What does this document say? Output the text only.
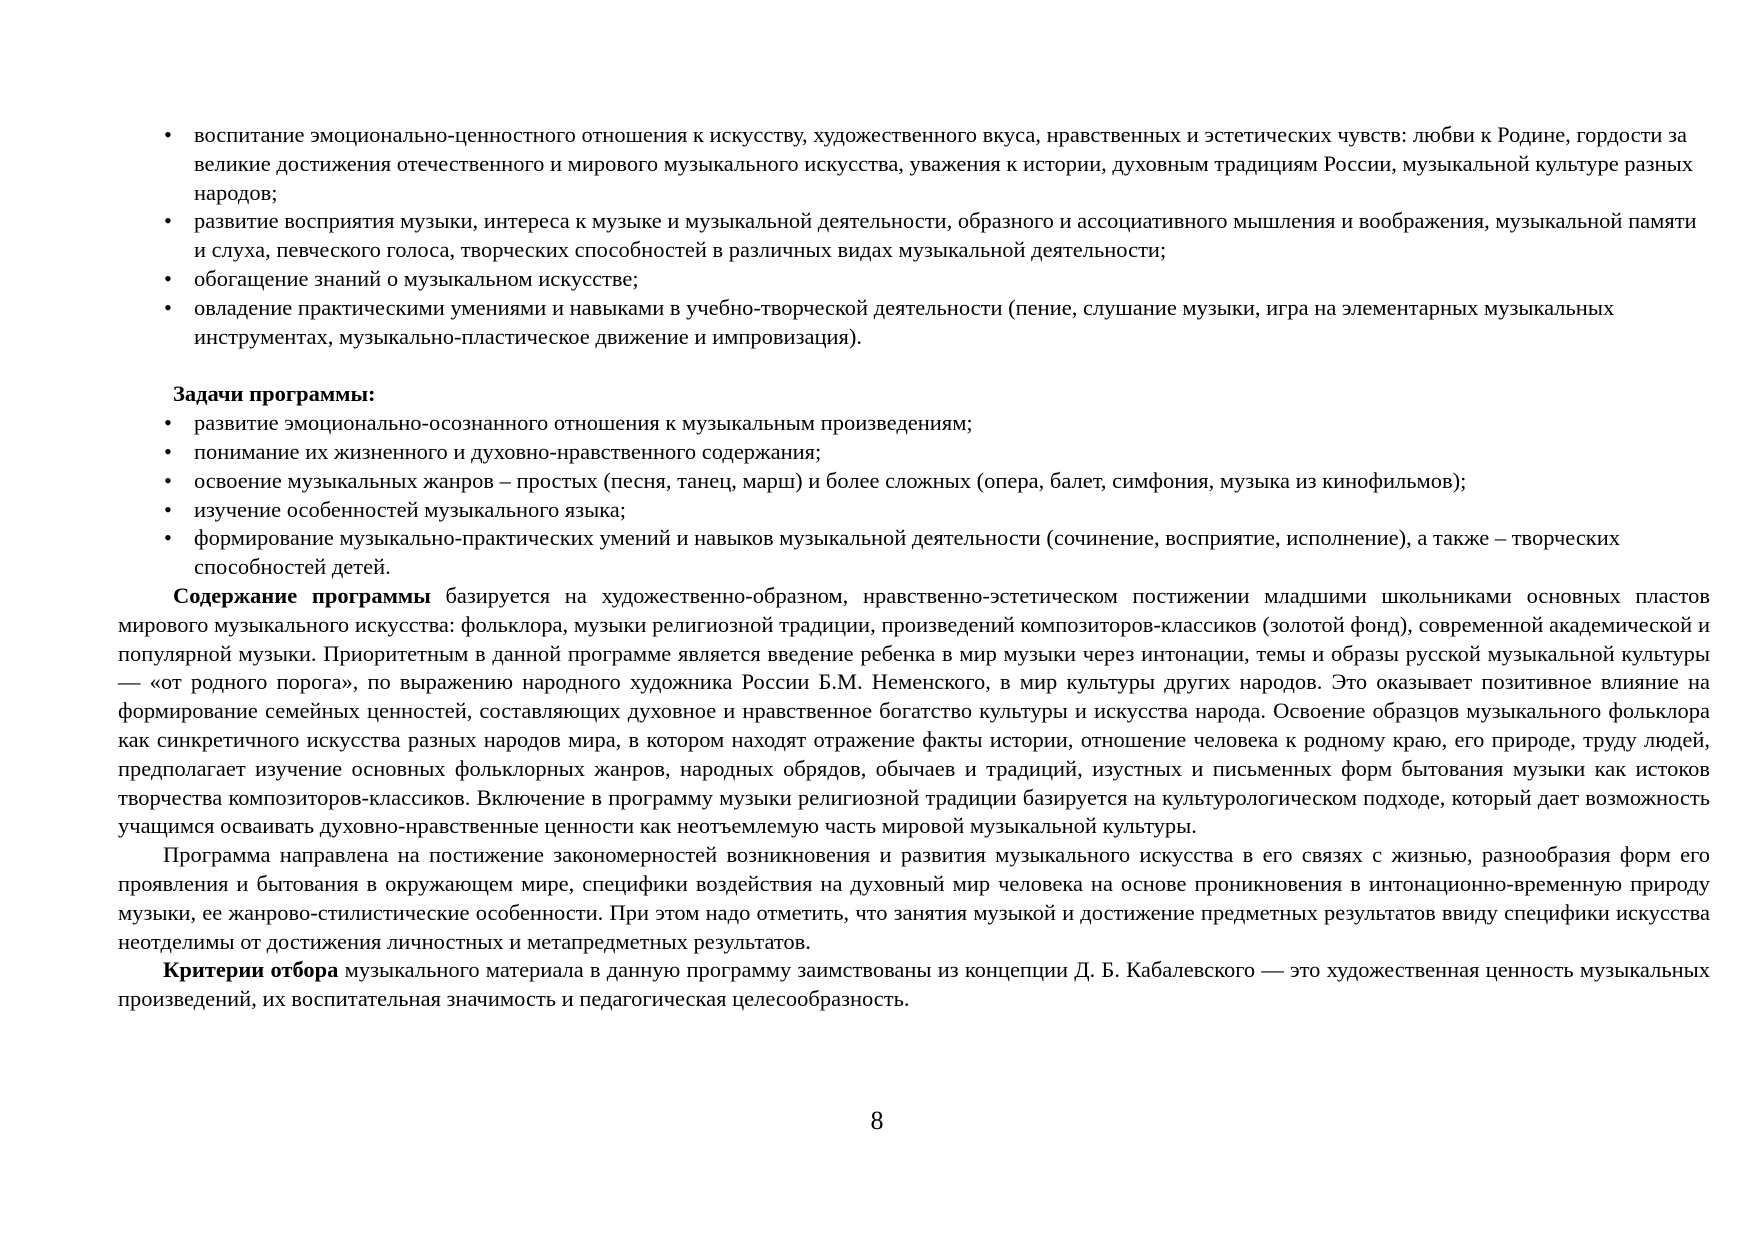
• воспитание эмоционально-ценностного отношения к искусству, художественного вкуса, нравственных и эстетических чувств: любви к Родине, гордости за великие достижения отечественного и мирового музыкального искусства, уважения к истории, духовным традициям России, музыкальной культуре разных народов;
• развитие восприятия музыки, интереса к музыке и музыкальной деятельности, образного и ассоциативного мышления и воображения, музыкальной памяти и слуха, певческого голоса, творческих способностей в различных видах музыкальной деятельности;
• обогащение знаний о музыкальном искусстве;
• овладение практическими умениями и навыками в учебно-творческой деятельности (пение, слушание музыки, игра на элементарных музыкальных инструментах, музыкально-пластическое движение и импровизация).
Задачи программы:
• развитие эмоционально-осознанного отношения к музыкальным произведениям;
• понимание их жизненного и духовно-нравственного содержания;
• освоение музыкальных жанров – простых (песня, танец, марш) и более сложных (опера, балет, симфония, музыка из кинофильмов);
• изучение особенностей музыкального языка;
• формирование музыкально-практических умений и навыков музыкальной деятельности (сочинение, восприятие, исполнение), а также – творческих способностей детей.

Содержание программы базируется на художественно-образном, нравственно-эстетическом постижении младшими школьниками основных пластов мирового музыкального искусства: фольклора, музыки религиозной традиции, произведений композиторов-классиков (золотой фонд), современной академической и популярной музыки. Приоритетным в данной программе является введение ребенка в мир музыки через интонации, темы и образы русской музыкальной культуры — «от родного порога», по выражению народного художника России Б.М. Неменского, в мир культуры других народов. Это оказывает позитивное влияние на формирование семейных ценностей, составляющих духовное и нравственное богатство культуры и искусства народа. Освоение образцов музыкального фольклора как синкретичного искусства разных народов мира, в котором находят отражение факты истории, отношение человека к родному краю, его природе, труду людей, предполагает изучение основных фольклорных жанров, народных обрядов, обычаев и традиций, изустных и письменных форм бытования музыки как истоков творчества композиторов-классиков. Включение в программу музыки религиозной традиции базируется на культурологическом подходе, который дает возможность учащимся осваивать духовно-нравственные ценности как неотъемлемую часть мировой музыкальной культуры.

Программа направлена на постижение закономерностей возникновения и развития музыкального искусства в его связях с жизнью, разнообразия форм его проявления и бытования в окружающем мире, специфики воздействия на духовный мир человека на основе проникновения в интонационно-временную природу музыки, ее жанрово-стилистические особенности. При этом надо отметить, что занятия музыкой и достижение предметных результатов ввиду специфики искусства неотделимы от достижения личностных и метапредметных результатов.

Критерии отбора музыкального материала в данную программу заимствованы из концепции Д. Б. Кабалевского — это художественная ценность музыкальных произведений, их воспитательная значимость и педагогическая целесообразность.

8
